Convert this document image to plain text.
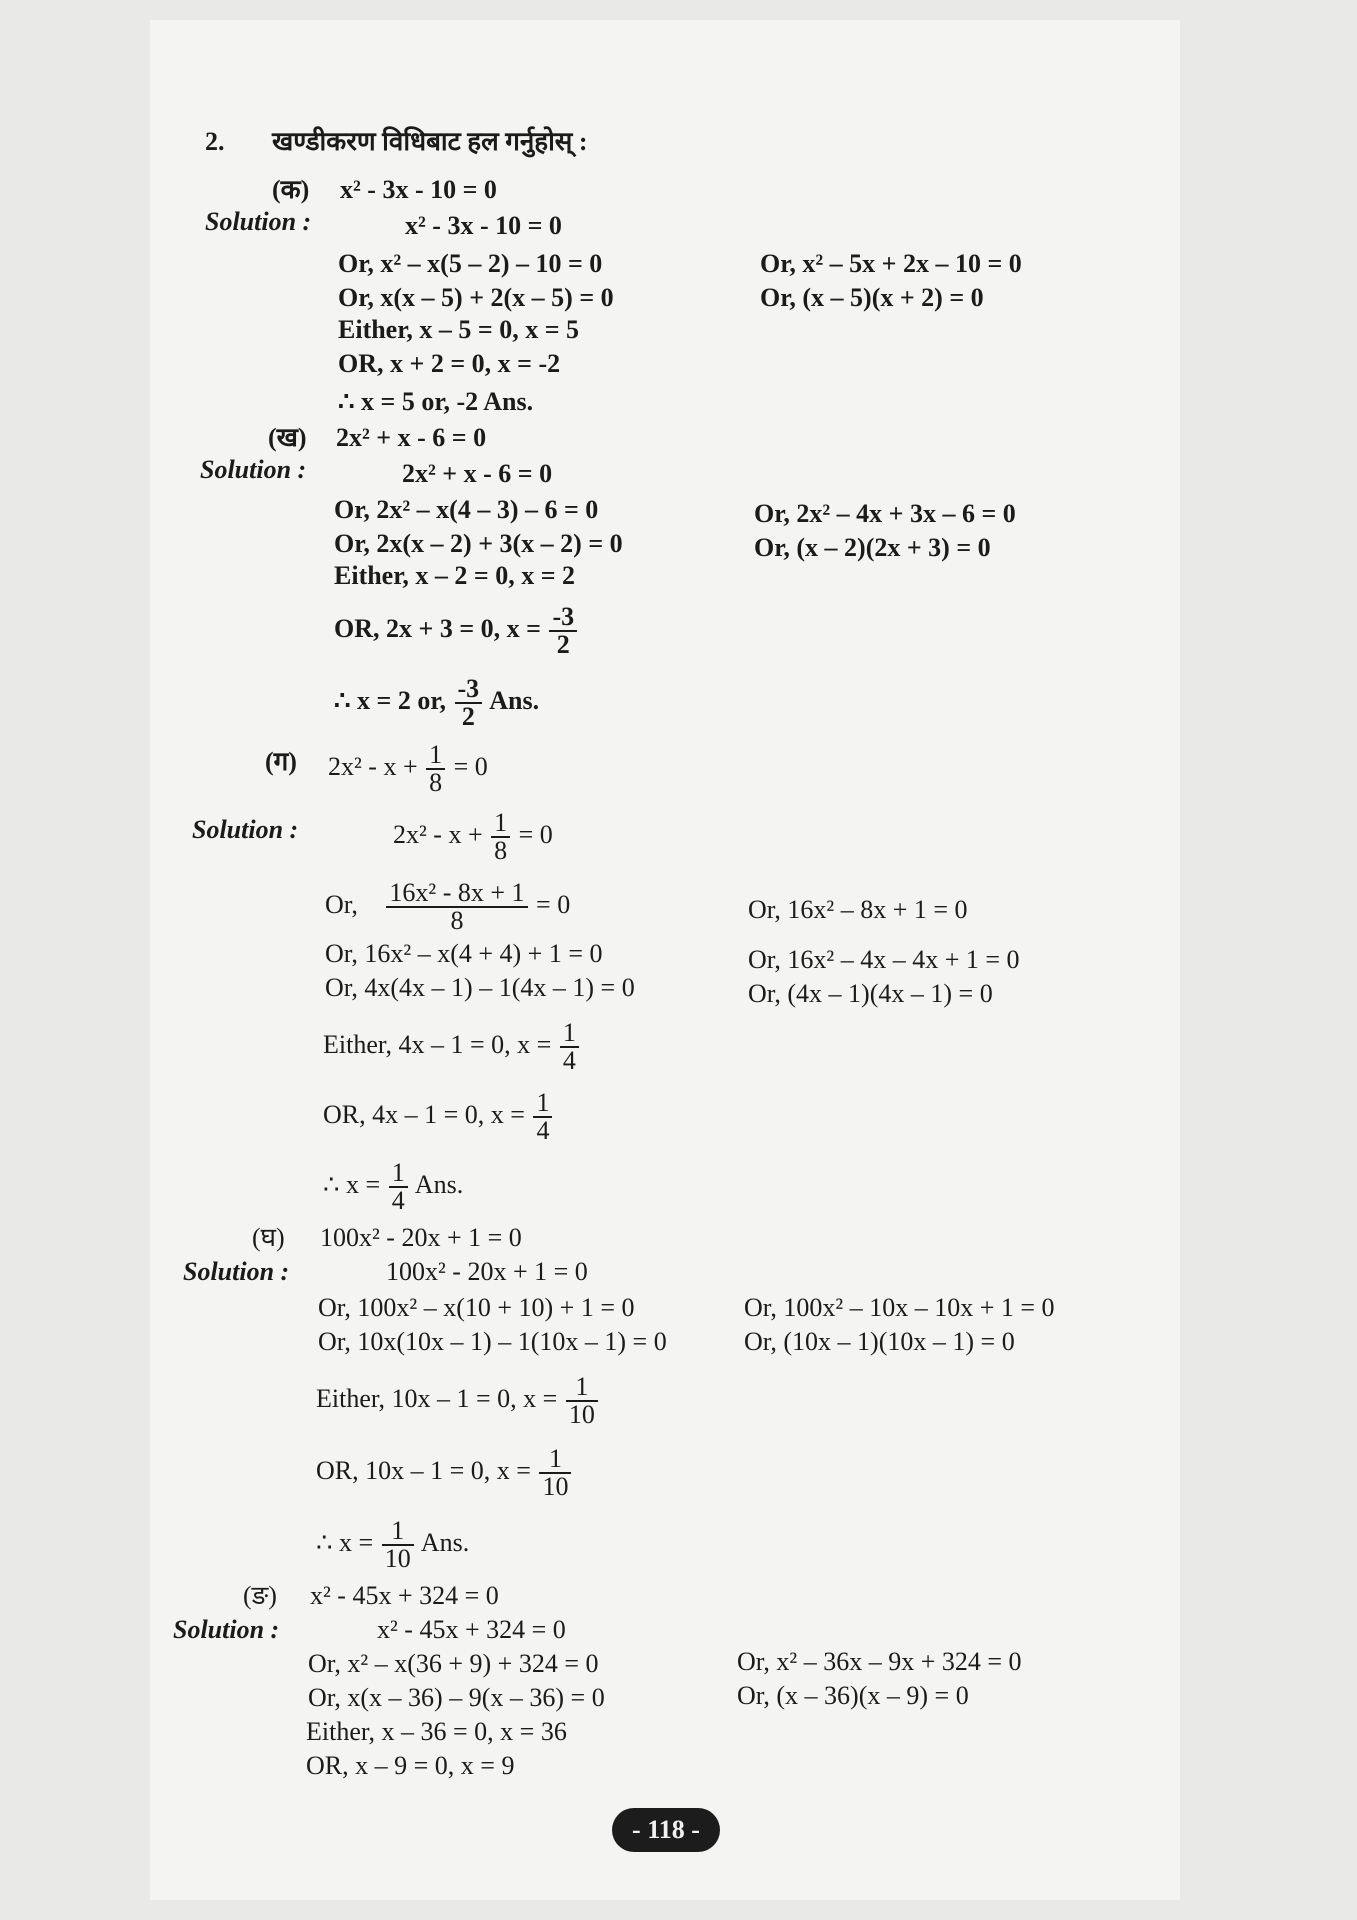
2. खण्डीकरण विधिबाट हल गर्नुहोस् :
(क) x² - 3x - 10 = 0
Solution :	x² - 3x - 10 = 0
Or, x² – x(5 – 2) – 10 = 0
Or, x(x – 5) + 2(x – 5) = 0
Or, x² – 5x + 2x – 10 = 0
Or, (x – 5)(x + 2) = 0
Either, x – 5 = 0, x = 5
OR, x + 2 = 0, x = -2
∴ x = 5 or, -2 Ans.
(ख) 2x² + x - 6 = 0
Solution :	2x² + x - 6 = 0
Or, 2x² – x(4 – 3) – 6 = 0
Or, 2x(x – 2) + 3(x – 2) = 0
Or, 2x² – 4x + 3x – 6 = 0
Or, (x – 2)(2x + 3) = 0
Either, x – 2 = 0, x = 2
OR, 2x + 3 = 0, $x = \frac{-3}{2}$
∴ x = 2 or, $\frac{-3}{2}$ Ans.
(ग) $2x^2 - x + \frac{1}{8} = 0$
Solution :	$2x^2 - x + \frac{1}{8} = 0$
Or, $\frac{\text{16x² - 8x + 1}}{8} = 0$	Or, 16x² – 8x + 1 = 0
Or, 16x² – x(4 + 4) + 1 = 0
Or, 4x(4x – 1) – 1(4x – 1) = 0
Or, 16x² – 4x – 4x + 1 = 0
Or, (4x – 1)(4x – 1) = 0
Either, 4x – 1 = 0, $x = \frac{1}{4}$
OR, 4x – 1 = 0, $x = \frac{1}{4}$
∴ $x = \frac{1}{4}$ Ans.
(घ) 100x² - 20x + 1 = 0
Solution :	100x² - 20x + 1 = 0
Or, 100x² – x(10 + 10) + 1 = 0
Or, 10x(10x – 1) – 1(10x – 1) = 0
Or, 100x² – 10x – 10x + 1 = 0
Or, (10x – 1)(10x – 1) = 0
Either, 10x – 1 = 0, $x = \frac{1}{10}$
OR, 10x – 1 = 0, $x = \frac{1}{10}$
∴ $x = \frac{1}{10}$ Ans.
(ङ) x² - 45x + 324 = 0
Solution :	x² - 45x + 324 = 0
Or, x² – x(36 + 9) + 324 = 0
Or, x(x – 36) – 9(x – 36) = 0
Or, x² – 36x – 9x + 324 = 0
Or, (x – 36)(x – 9) = 0
Either, x – 36 = 0, x = 36
OR, x – 9 = 0, x = 9
- 118 -
